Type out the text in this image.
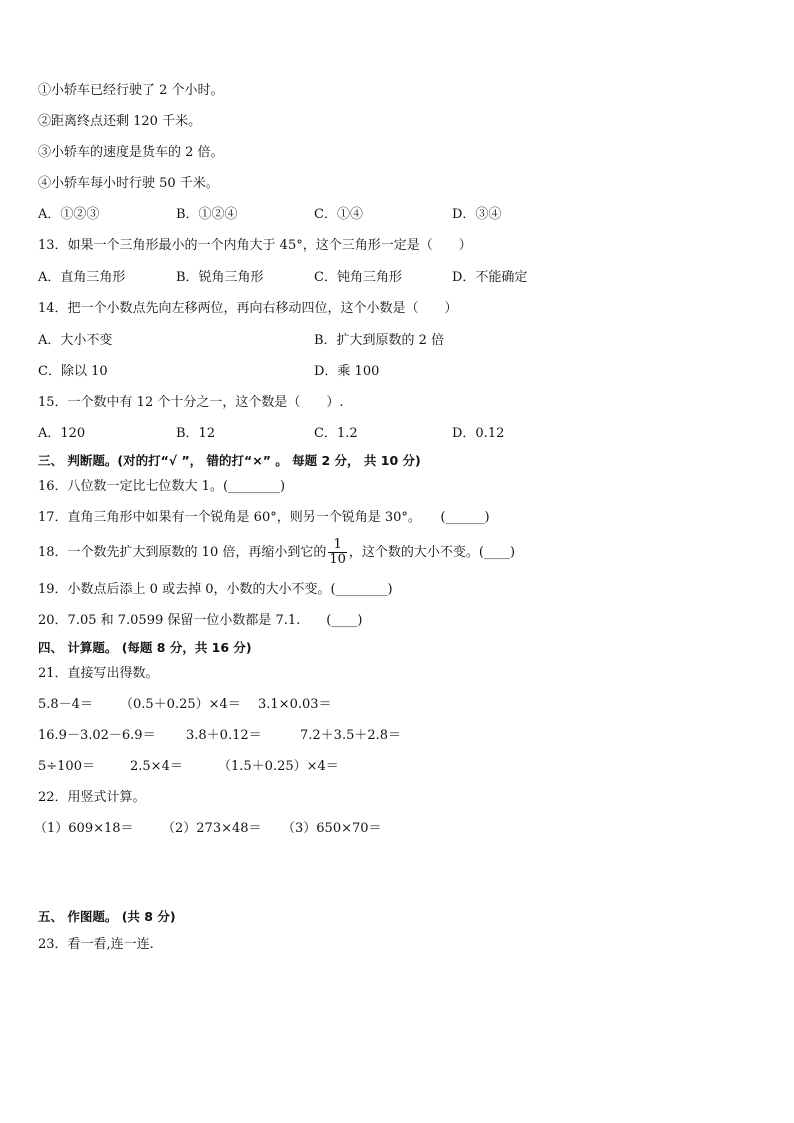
①小轿车已经行驶了 2 个小时。
②距离终点还剩 120 千米。
③小轿车的速度是货车的 2 倍。
④小轿车每小时行驶 50 千米。
A．①②③	B．①②④	C．①④	D．③④
13．如果一个三角形最小的一个内角大于 45°，这个三角形一定是（　　）
A．直角三角形	B．锐角三角形	C．钝角三角形	D．不能确定
14．把一个小数点先向左移两位，再向右移动四位，这个小数是（　　）
A．大小不变	B．扩大到原数的 2 倍
C．除以 10	D．乘 100
15．一个数中有 12 个十分之一，这个数是（　　）.
A．120	B．12	C．1.2	D．0.12
三、 判断题。(对的打“√ ”， 错的打“×” 。 每题 2 分， 共 10 分)
16．八位数一定比七位数大 1。(________)
17．直角三角形中如果有一个锐角是 60°，则另一个锐角是 30°。　　(______)
18．一个数先扩大到原数的 10 倍，再缩小到它的 $\frac{1}{10}$ ，这个数的大小不变。(____)
19．小数点后添上 0 或去掉 0，小数的大小不变。(________)
20．7.05 和 7.0599 保留一位小数都是 7.1.　　(____)
四、 计算题。 (每题 8 分，共 16 分)
21．直接写出得数。
5.8－4＝ （0.5＋0.25）×4＝ 3.1×0.03＝
16.9－3.02－6.9＝ 3.8＋0.12＝	7.2＋3.5＋2.8＝
5÷100＝	2.5×4＝	（1.5＋0.25）×4＝
22．用竖式计算。
（1）609×18＝ （2）273×48＝ （3）650×70＝
五、 作图题。 (共 8 分)
23．看一看,连一连.
